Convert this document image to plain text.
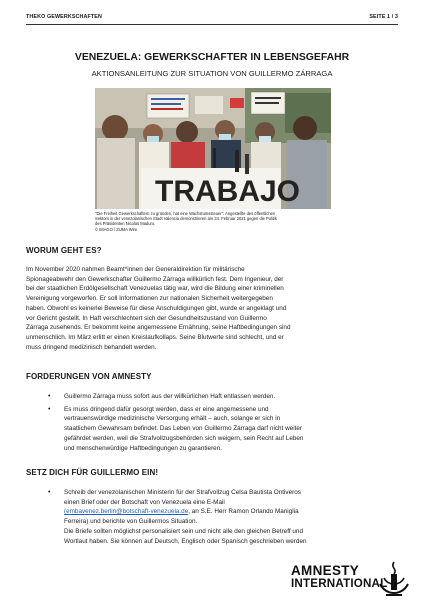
THEKO GEWERKSCHAFTEN	SEITE 1 / 3
VENEZUELA: GEWERKSCHAFTER IN LEBENSGEFAHR
AKTIONSANLEITUNG ZUR SITUATION VON GUILLERMO ZÁRRAGA
TRABAJO
"Die Freiheit Gewerkschaftern zu gründen, hat eine Wachstumssteuer": Angestellte des öffentlichen
Sektors in der venezolanischen Stadt Valencia demonstrieren am 24. Februar 2021 gegen die Politik
des Präsidenten Nicolas Maduro.
© IMAGO / ZUMA Wire
WORUM GEHT ES?
Im November 2020 nahmen Beamt*innen der Generaldirektion für militärische
Spionageabwehr den Gewerkschafter Guillermo Zárraga willkürlich fest. Dem Ingenieur, der
bei der staatlichen Erdölgesellschaft Venezuelas tätig war, wird die Bildung einer kriminellen
Vereinigung vorgeworfen. Er soll Informationen zur nationalen Sicherheit weitergegeben
haben. Obwohl es keinerlei Beweise für diese Anschuldigungen gibt, wurde er angeklagt und
vor Gericht gestellt. In Haft verschlechtert sich der Gesundheitszustand von Guillermo
Zárraga zusehends. Er bekommt keine angemessene Ernährung, seine Haftbedingungen sind
unmenschlich. Im März erlitt er einen Kreislaufkollaps. Seine Blutwerte sind schlecht, und er
muss dringend medizinisch behandelt werden.
FORDERUNGEN VON AMNESTY
• Guillermo Zárraga muss sofort aus der willkürlichen Haft entlassen werden.
• Es muss dringend dafür gesorgt werden, dass er eine angemessene und
vertrauenswürdige medizinische Versorgung erhält – auch, solange er sich in
staatlichem Gewahrsam befindet. Das Leben von Guillermo Zárraga darf nicht weiter
gefährdet werden, weil die Strafvollzugsbehörden sich weigern, sein Recht auf Leben
und menschenwürdige Haftbedingungen zu garantieren.
SETZ DICH FÜR GUILLERMO EIN!
• Schreib der venezolanischen Ministerin für der Strafvollzug Celsa Bautista Ontiveros
einen Brief oder der Botschaft von Venezuela eine E-Mail
(embavenez.berlin@botschaft-venezuela.de, an S.E. Herr Ramon Orlando Maniglia
Ferreira) und berichte von Guillermos Situation.
Die Briefe sollten möglichst personalisiert sein und nicht alle den gleichen Betreff und
Wortlaut haben. Sie können auf Deutsch, Englisch oder Spanisch geschrieben werden
AMNESTY
INTERNATIONAL
